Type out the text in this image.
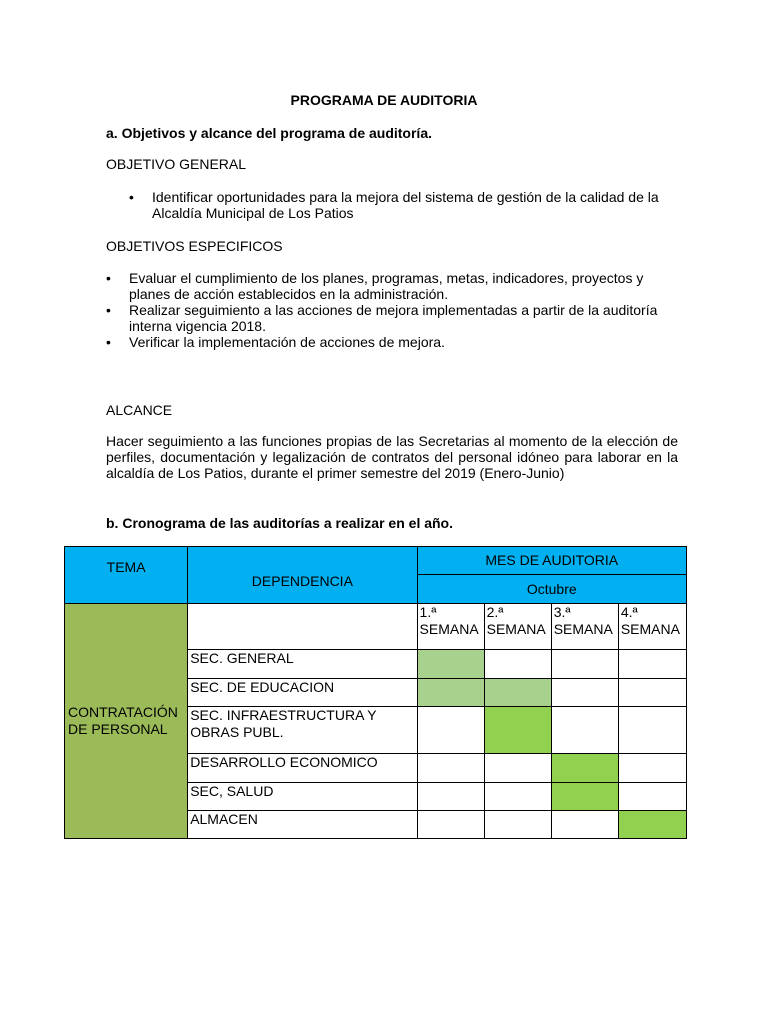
PROGRAMA DE AUDITORIA
a. Objetivos y alcance del programa de auditoría.
OBJETIVO GENERAL
• Identificar oportunidades para la mejora del sistema de gestión de la calidad de la Alcaldía Municipal de Los Patios
OBJETIVOS ESPECIFICOS
• Evaluar el cumplimiento de los planes, programas, metas, indicadores, proyectos y planes de acción establecidos en la administración.
• Realizar seguimiento a las acciones de mejora implementadas a partir de la auditoría interna vigencia 2018.
• Verificar la implementación de acciones de mejora.
ALCANCE
Hacer seguimiento a las funciones propias de las Secretarias al momento de la elección de perfiles, documentación y legalización de contratos del personal idóneo para laborar en la alcaldía de Los Patios, durante el primer semestre del 2019 (Enero-Junio)
b. Cronograma de las auditorías a realizar en el año.
TEMA	DEPENDENCIA	MES DE AUDITORIA			
		Octubre			
CONTRATACIÓN DE PERSONAL		1.ª SEMANA	2.ª SEMANA	3.ª SEMANA	4.ª SEMANA
	SEC. GENERAL				
	SEC. DE EDUCACION				
	SEC. INFRAESTRUCTURA Y OBRAS PUBL.				
	DESARROLLO ECONOMICO				
	SEC, SALUD				
	ALMACEN				
